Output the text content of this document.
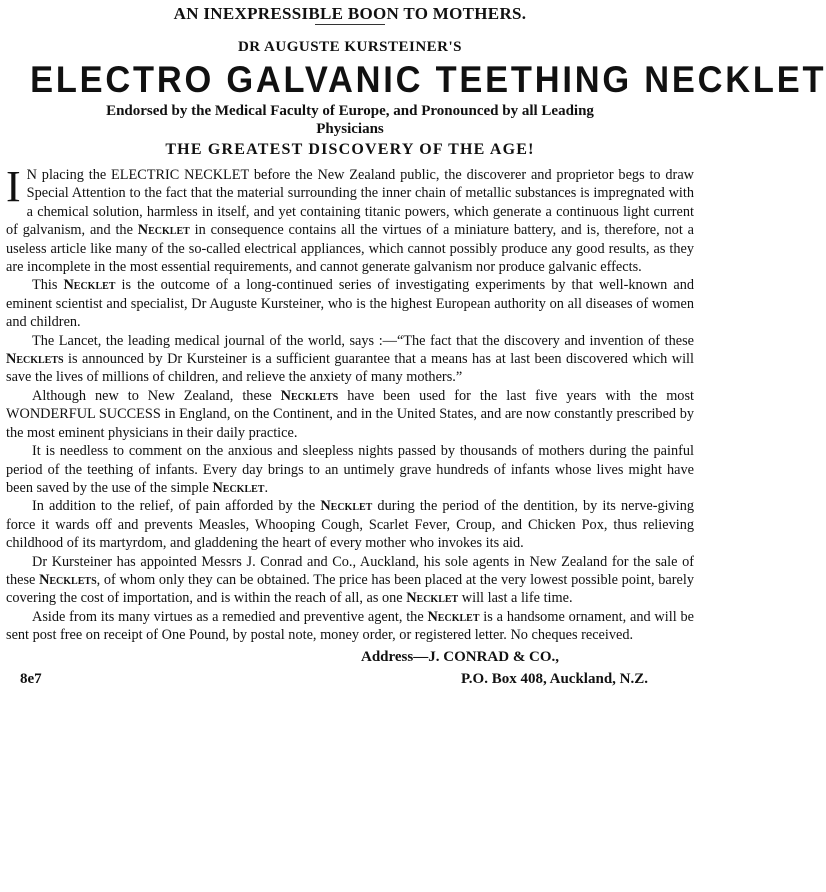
AN INEXPRESSIBLE BOON TO MOTHERS.
DR AUGUSTE KURSTEINER'S
ELECTRO GALVANIC TEETHING NECKLET
Endorsed by the Medical Faculty of Europe, and Pronounced by all Leading Physicians
THE GREATEST DISCOVERY OF THE AGE!

I N placing the ELECTRIC NECKLET before the New Zealand public, the discoverer and proprietor begs to draw Special Attention to the fact that the material surrounding the inner chain of metallic substances is impregnated with a chemical solution, harmless in itself, and yet containing titanic powers, which generate a continuous light current of galvanism, and the Necklet in consequence contains all the virtues of a miniature battery, and is, therefore, not a useless article like many of the so-called electrical appliances, which cannot possibly produce any good results, as they are incomplete in the most essential requirements, and cannot generate galvanism nor produce galvanic effects.

This Necklet is the outcome of a long-continued series of investigating experiments by that well-known and eminent scientist and specialist, Dr Auguste Kursteiner, who is the highest European authority on all diseases of women and children.

The Lancet, the leading medical journal of the world, says :—“The fact that the discovery and invention of these Necklets is announced by Dr Kursteiner is a sufficient guarantee that a means has at last been discovered which will save the lives of millions of children, and relieve the anxiety of many mothers.”

Although new to New Zealand, these Necklets have been used for the last five years with the most WONDERFUL SUCCESS in England, on the Continent, and in the United States, and are now constantly prescribed by the most eminent physicians in their daily practice.

It is needless to comment on the anxious and sleepless nights passed by thousands of mothers during the painful period of the teething of infants. Every day brings to an untimely grave hundreds of infants whose lives might have been saved by the use of the simple Necklet.

In addition to the relief, of pain afforded by the Necklet during the period of the dentition, by its nerve-giving force it wards off and prevents Measles, Whooping Cough, Scarlet Fever, Croup, and Chicken Pox, thus relieving childhood of its martyrdom, and gladdening the heart of every mother who invokes its aid.

Dr Kursteiner has appointed Messrs J. Conrad and Co., Auckland, his sole agents in New Zealand for the sale of these Necklets, of whom only they can be obtained. The price has been placed at the very lowest possible point, barely covering the cost of importation, and is within the reach of all, as one Necklet will last a life time.

Aside from its many virtues as a remedied and preventive agent, the Necklet is a handsome ornament, and will be sent post free on receipt of One Pound, by postal note, money order, or registered letter. No cheques received.

Address—J. CONRAD & CO.,
8e7	P.O. Box 408, Auckland, N.Z.
